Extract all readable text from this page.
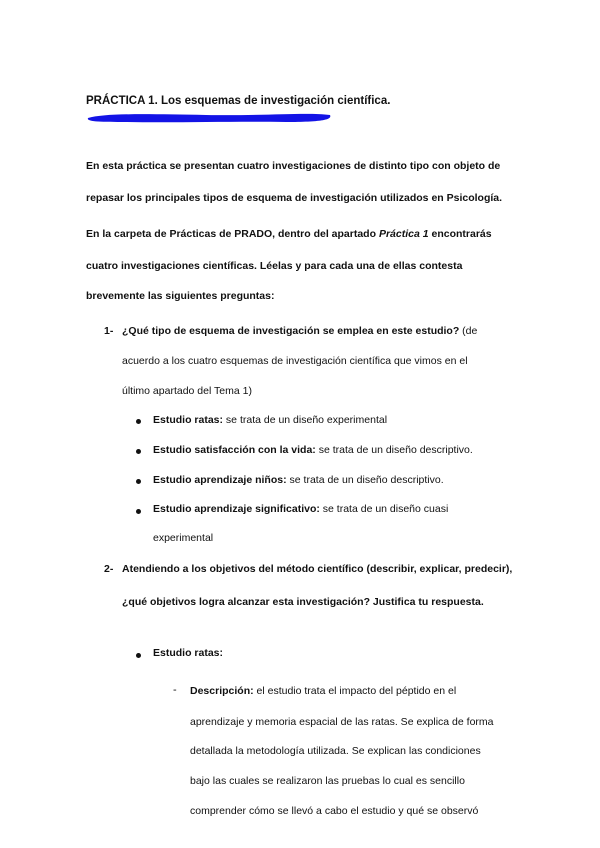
PRÁCTICA 1. Los esquemas de investigación científica.
En esta práctica se presentan cuatro investigaciones de distinto tipo con objeto de
repasar los principales tipos de esquema de investigación utilizados en Psicología.
En la carpeta de Prácticas de PRADO, dentro del apartado Práctica 1 encontrarás
cuatro investigaciones científicas. Léelas y para cada una de ellas contesta
brevemente las siguientes preguntas:
1- ¿Qué tipo de esquema de investigación se emplea en este estudio? (de
acuerdo a los cuatro esquemas de investigación científica que vimos en el
último apartado del Tema 1)
Estudio ratas: se trata de un diseño experimental
Estudio satisfacción con la vida: se trata de un diseño descriptivo.
Estudio aprendizaje niños: se trata de un diseño descriptivo.
Estudio aprendizaje significativo: se trata de un diseño cuasi
experimental
2- Atendiendo a los objetivos del método científico (describir, explicar, predecir),
¿qué objetivos logra alcanzar esta investigación? Justifica tu respuesta.
Estudio ratas:
- Descripción: el estudio trata el impacto del péptido en el
aprendizaje y memoria espacial de las ratas. Se explica de forma
detallada la metodología utilizada. Se explican las condiciones
bajo las cuales se realizaron las pruebas lo cual es sencillo
comprender cómo se llevó a cabo el estudio y qué se observó
